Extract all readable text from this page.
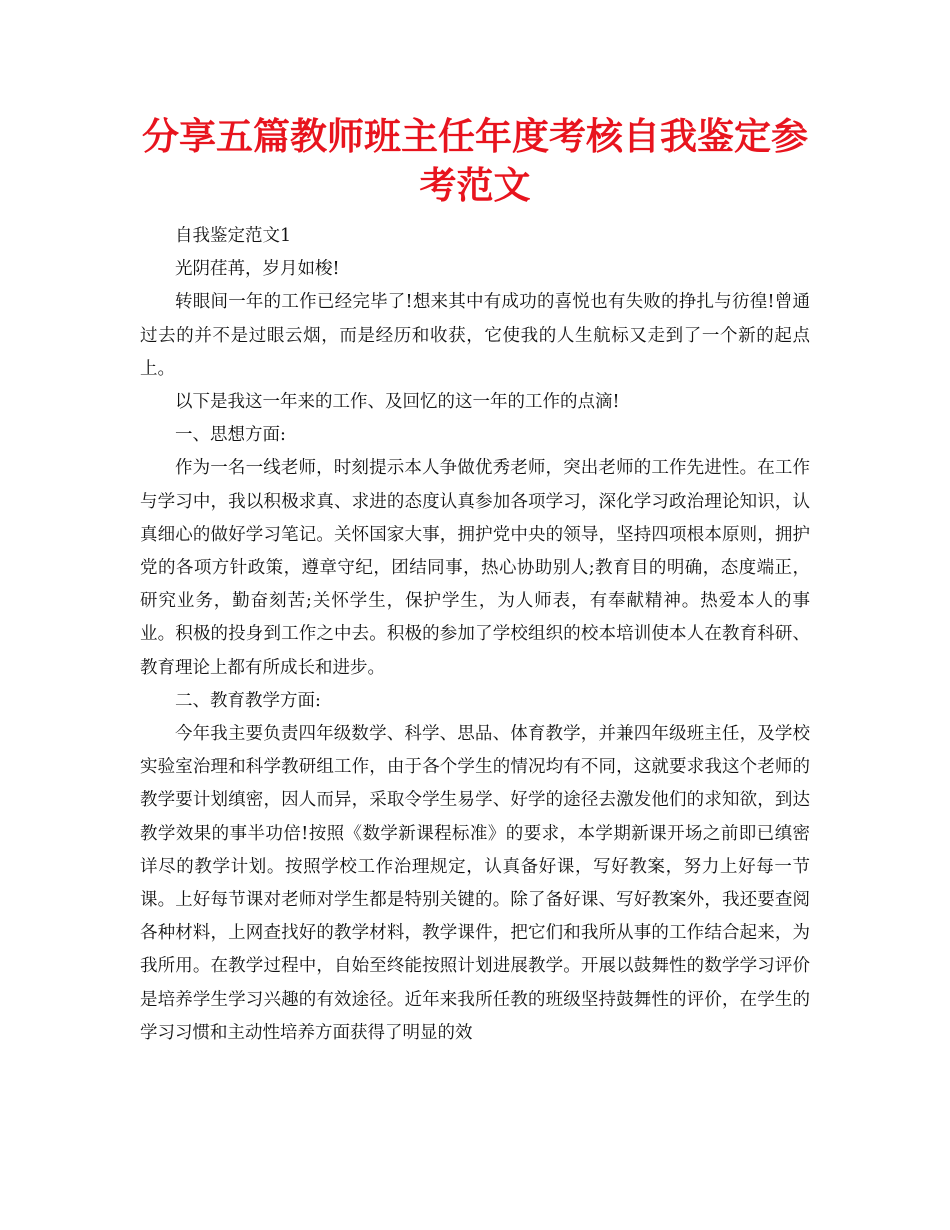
分享五篇教师班主任年度考核自我鉴定参考范文

自我鉴定范文1

光阴荏苒，岁月如梭!

转眼间一年的工作已经完毕了!想来其中有成功的喜悦也有失败的挣扎与彷徨!曾通过去的并不是过眼云烟，而是经历和收获，它使我的人生航标又走到了一个新的起点上。

以下是我这一年来的工作、及回忆的这一年的工作的点滴!

一、思想方面:

作为一名一线老师，时刻提示本人争做优秀老师，突出老师的工作先进性。在工作与学习中，我以积极求真、求进的态度认真参加各项学习，深化学习政治理论知识，认真细心的做好学习笔记。关怀国家大事，拥护党中央的领导，坚持四项根本原则，拥护党的各项方针政策，遵章守纪，团结同事，热心协助别人;教育目的明确，态度端正，研究业务，勤奋刻苦;关怀学生，保护学生，为人师表，有奉献精神。热爱本人的事业。积极的投身到工作之中去。积极的参加了学校组织的校本培训使本人在教育科研、教育理论上都有所成长和进步。

二、教育教学方面:

今年我主要负责四年级数学、科学、思品、体育教学，并兼四年级班主任，及学校实验室治理和科学教研组工作，由于各个学生的情况均有不同，这就要求我这个老师的教学要计划缜密，因人而异，采取令学生易学、好学的途径去激发他们的求知欲，到达教学效果的事半功倍!按照《数学新课程标准》的要求，本学期新课开场之前即已缜密详尽的教学计划。按照学校工作治理规定，认真备好课，写好教案，努力上好每一节课。上好每节课对老师对学生都是特别关键的。除了备好课、写好教案外，我还要查阅各种材料，上网查找好的教学材料，教学课件，把它们和我所从事的工作结合起来，为我所用。在教学过程中，自始至终能按照计划进展教学。开展以鼓舞性的数学学习评价是培养学生学习兴趣的有效途径。近年来我所任教的班级坚持鼓舞性的评价，在学生的学习习惯和主动性培养方面获得了明显的效
